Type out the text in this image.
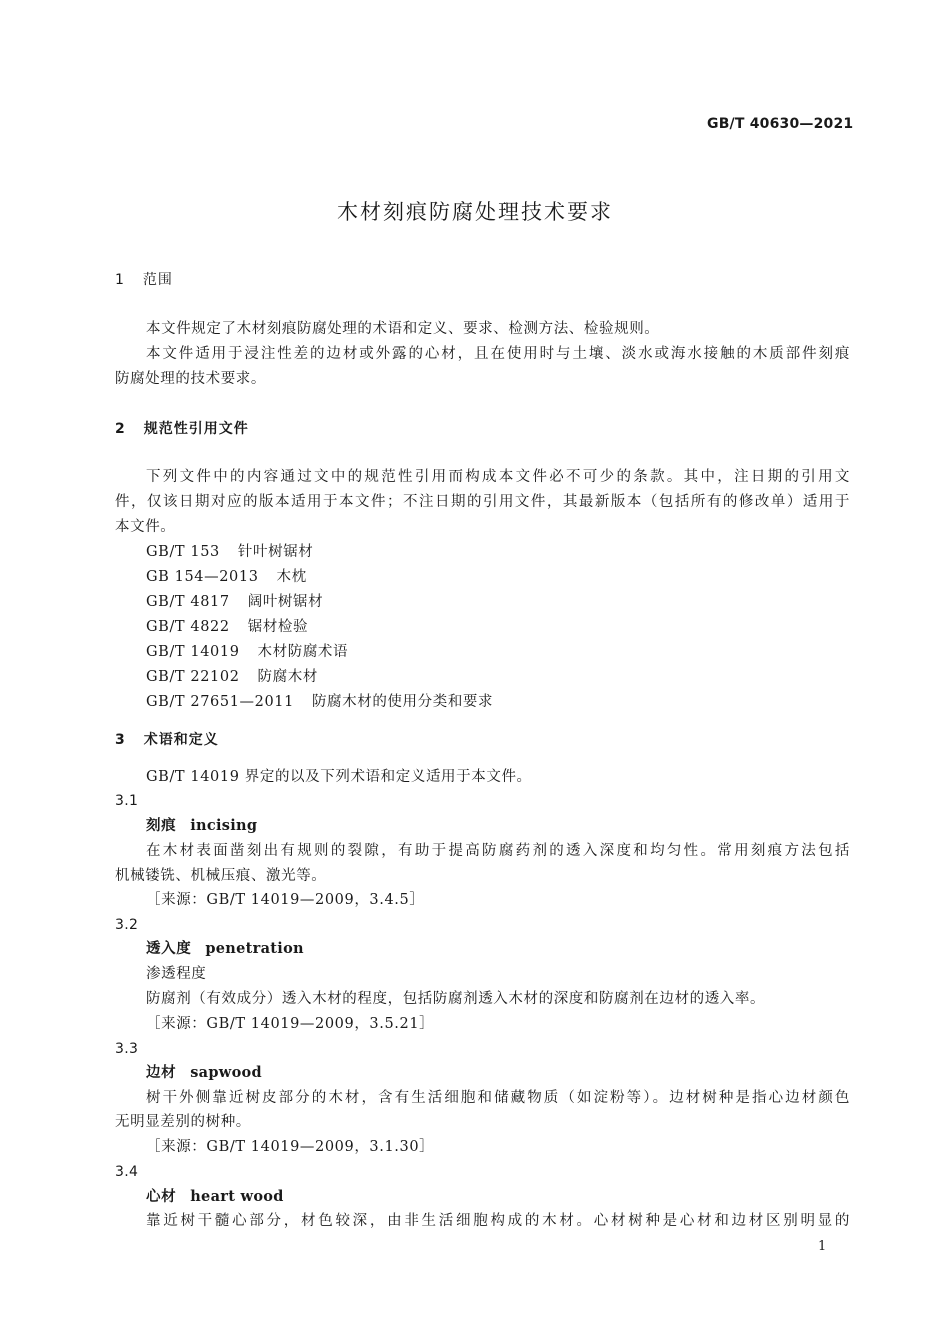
GB/T 40630—2021
木材刻痕防腐处理技术要求
1 范围
本文件规定了木材刻痕防腐处理的术语和定义、要求、检测方法、检验规则。
本文件适用于浸注性差的边材或外露的心材，且在使用时与土壤、淡水或海水接触的木质部件刻痕
防腐处理的技术要求。
2 规范性引用文件
下列文件中的内容通过文中的规范性引用而构成本文件必不可少的条款。其中，注日期的引用文
件，仅该日期对应的版本适用于本文件；不注日期的引用文件，其最新版本（包括所有的修改单）适用于
本文件。
GB/T 153 针叶树锯材
GB 154—2013 木枕
GB/T 4817 阔叶树锯材
GB/T 4822 锯材检验
GB/T 14019 木材防腐术语
GB/T 22102 防腐木材
GB/T 27651—2011 防腐木材的使用分类和要求
3 术语和定义
GB/T 14019 界定的以及下列术语和定义适用于本文件。
3.1
刻痕 incising
在木材表面凿刻出有规则的裂隙，有助于提高防腐药剂的透入深度和均匀性。常用刻痕方法包括
机械镂铣、机械压痕、激光等。
［来源：GB/T 14019—2009，3.4.5］
3.2
透入度 penetration
渗透程度
防腐剂（有效成分）透入木材的程度，包括防腐剂透入木材的深度和防腐剂在边材的透入率。
［来源：GB/T 14019—2009，3.5.21］
3.3
边材 sapwood
树干外侧靠近树皮部分的木材，含有生活细胞和储藏物质（如淀粉等）。边材树种是指心边材颜色
无明显差别的树种。
［来源：GB/T 14019—2009，3.1.30］
3.4
心材 heart wood
靠近树干髓心部分，材色较深，由非生活细胞构成的木材。心材树种是心材和边材区别明显的
1
